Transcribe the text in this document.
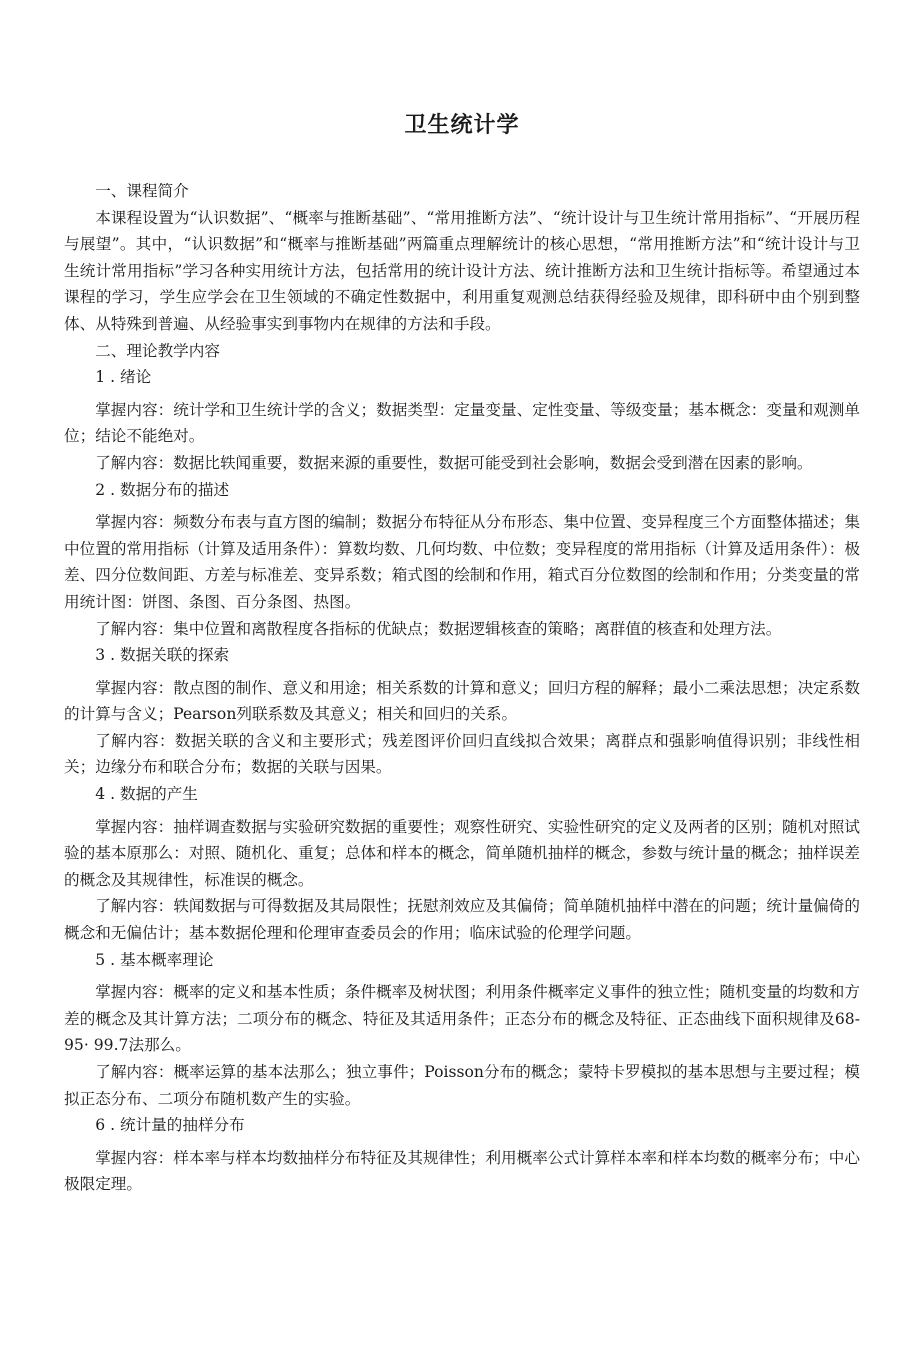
卫生统计学

一、课程简介

本课程设置为“认识数据”、“概率与推断基础”、“常用推断方法”、“统计设计与卫生统计常用指标”、“开展历程与展望”。其中，“认识数据”和“概率与推断基础”两篇重点理解统计的核心思想，“常用推断方法”和“统计设计与卫生统计常用指标”学习各种实用统计方法，包括常用的统计设计方法、统计推断方法和卫生统计指标等。希望通过本课程的学习，学生应学会在卫生领域的不确定性数据中，利用重复观测总结获得经验及规律，即科研中由个别到整体、从特殊到普遍、从经验事实到事物内在规律的方法和手段。

二、理论教学内容

1 . 绪论

掌握内容：统计学和卫生统计学的含义；数据类型：定量变量、定性变量、等级变量；基本概念：变量和观测单位；结论不能绝对。

了解内容：数据比轶闻重要，数据来源的重要性，数据可能受到社会影响，数据会受到潜在因素的影响。

2 . 数据分布的描述

掌握内容：频数分布表与直方图的编制；数据分布特征从分布形态、集中位置、变异程度三个方面整体描述；集中位置的常用指标（计算及适用条件）：算数均数、几何均数、中位数；变异程度的常用指标（计算及适用条件）：极差、四分位数间距、方差与标准差、变异系数；箱式图的绘制和作用，箱式百分位数图的绘制和作用；分类变量的常用统计图：饼图、条图、百分条图、热图。

了解内容：集中位置和离散程度各指标的优缺点；数据逻辑核查的策略；离群值的核查和处理方法。

3 . 数据关联的探索

掌握内容：散点图的制作、意义和用途；相关系数的计算和意义；回归方程的解释；最小二乘法思想；决定系数的计算与含义；Pearson列联系数及其意义；相关和回归的关系。

了解内容：数据关联的含义和主要形式；残差图评价回归直线拟合效果；离群点和强影响值得识别；非线性相关；边缘分布和联合分布；数据的关联与因果。

4 . 数据的产生

掌握内容：抽样调查数据与实验研究数据的重要性；观察性研究、实验性研究的定义及两者的区别；随机对照试验的基本原那么：对照、随机化、重复；总体和样本的概念，简单随机抽样的概念，参数与统计量的概念；抽样误差的概念及其规律性，标准误的概念。

了解内容：轶闻数据与可得数据及其局限性；抚慰剂效应及其偏倚；简单随机抽样中潜在的问题；统计量偏倚的概念和无偏估计；基本数据伦理和伦理审查委员会的作用；临床试验的伦理学问题。

5 . 基本概率理论

掌握内容：概率的定义和基本性质；条件概率及树状图；利用条件概率定义事件的独立性；随机变量的均数和方差的概念及其计算方法；二项分布的概念、特征及其适用条件；正态分布的概念及特征、正态曲线下面积规律及68-95· 99.7法那么。

了解内容：概率运算的基本法那么；独立事件；Poisson分布的概念；蒙特卡罗模拟的基本思想与主要过程；模拟正态分布、二项分布随机数产生的实验。

6 . 统计量的抽样分布

掌握内容：样本率与样本均数抽样分布特征及其规律性；利用概率公式计算样本率和样本均数的概率分布；中心极限定理。
